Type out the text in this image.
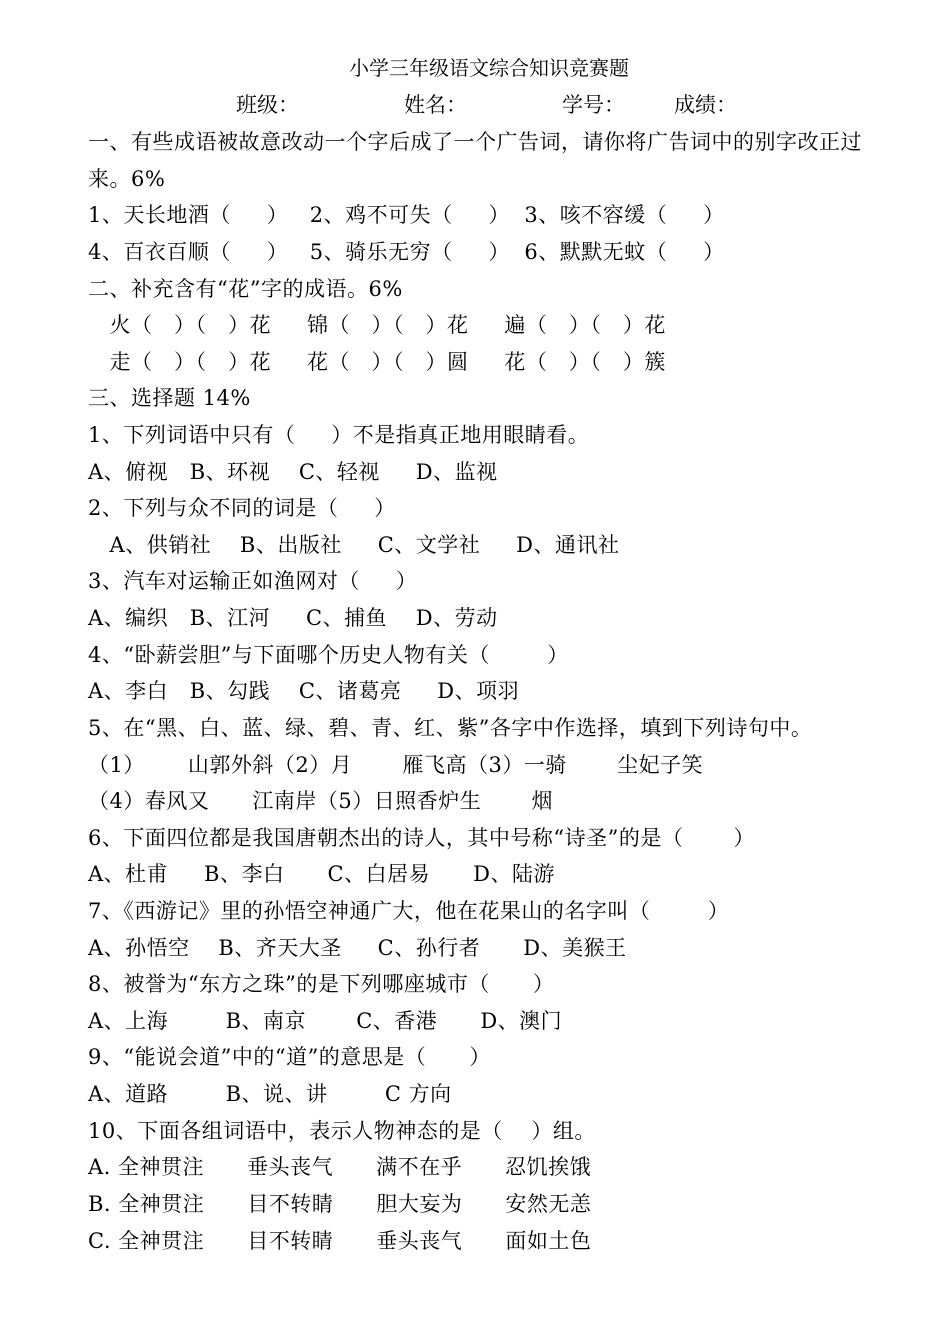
小学三年级语文综合知识竞赛题

班级：

	姓名：

	学号：

成绩：

一、有些成语被故意改动一个字后成了一个广告词，请你将广告词中的别字改正过
来。6%
1、天长地酒（     ）   2、鸡不可失（     ）  3、咳不容缓（     ）
4、百衣百顺（     ）   5、骑乐无穷（     ）  6、默默无蚊（     ）
二、补充含有“花”字的成语。6%
火（   ）（   ）花     锦（   ）（   ）花     遍（   ）（   ）花
走（   ）（   ）花     花（   ）（   ）圆     花（   ）（   ）簇
三、选择题 14%
1、下列词语中只有（     ）不是指真正地用眼睛看。
A、俯视   B、环视    C、轻视     D、监视
2、下列与众不同的词是（     ）
A、供销社    B、出版社     C、文学社     D、通讯社
3、汽车对运输正如渔网对（     ）
A、编织   B、江河     C、捕鱼    D、劳动
4、“卧薪尝胆”与下面哪个历史人物有关（        ）
A、李白   B、勾践    C、诸葛亮     D、项羽
5、在“黑、白、蓝、绿、碧、青、红、紫”各字中作选择，填到下列诗句中。
（1）      山郭外斜（2）月       雁飞高（3）一骑       尘妃子笑
（4）春风又      江南岸（5）日照香炉生       烟
6、下面四位都是我国唐朝杰出的诗人，其中号称“诗圣”的是（       ）
A、杜甫     B、李白      C、白居易      D、陆游
7、《西游记》里的孙悟空神通广大，他在花果山的名字叫（        ）
A、孙悟空    B、齐天大圣     C、孙行者      D、美猴王
8、被誉为“东方之珠”的是下列哪座城市（      ）
A、上海        B、南京       C、香港      D、澳门
9、“能说会道”中的“道”的意思是（      ）
A、道路        B、说、讲        C 方向
10、下面各组词语中，表示人物神态的是（    ）组。
A. 全神贯注      垂头丧气      满不在乎      忍饥挨饿
B. 全神贯注      目不转睛      胆大妄为      安然无恙
C. 全神贯注      目不转睛      垂头丧气      面如土色
